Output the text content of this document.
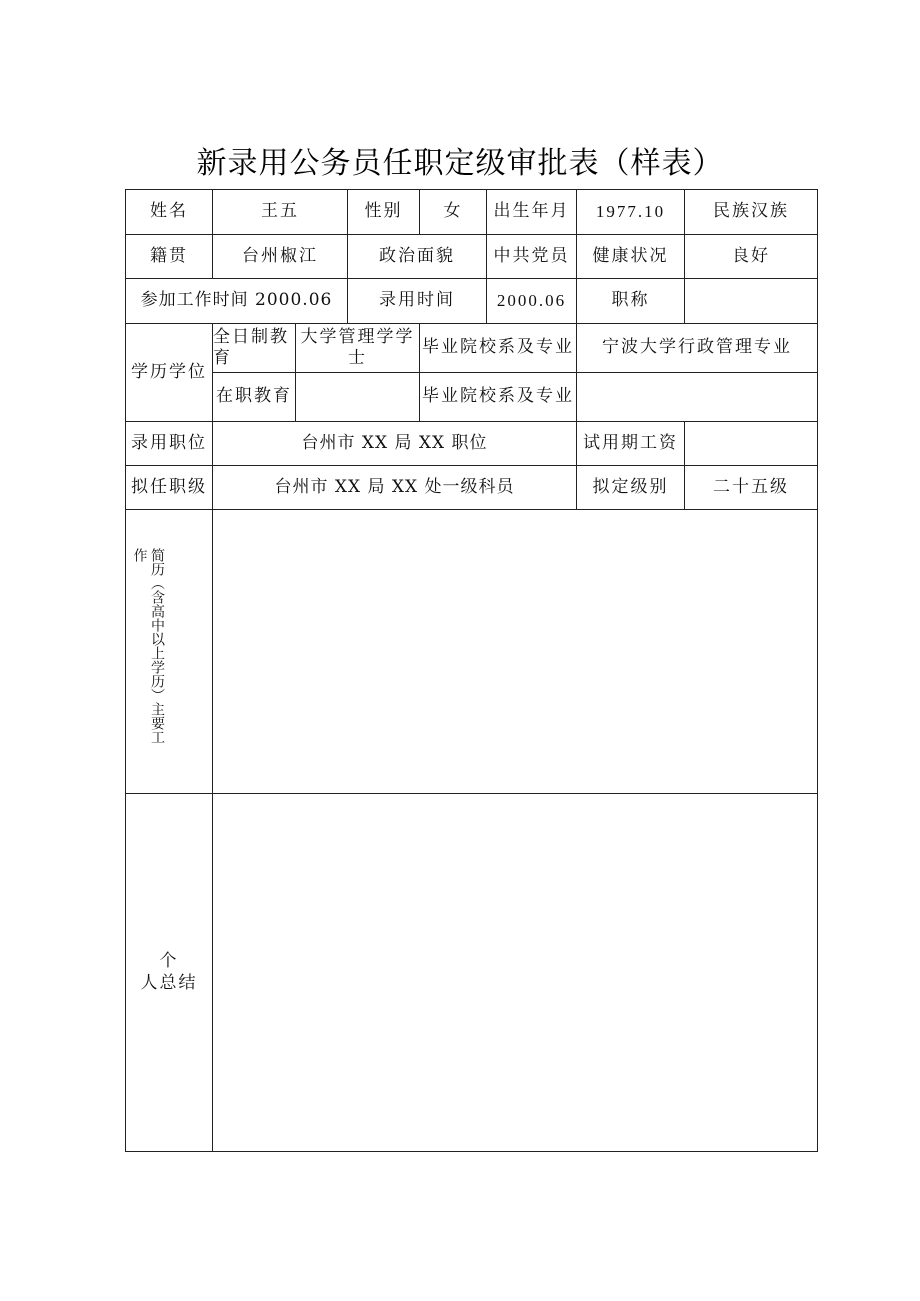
新录用公务员任职定级审批表（样表）
姓名	王五		性别	女	出生年月	1977.10	民族汉族
籍贯	台州椒江		政治面貌		中共党员	健康状况	良好
参加工作时间 2000.06			录用时间		2000.06	职称	
学历学位	全日制教育	大学管理学学士		毕业院校系及专业		宁波大学行政管理专业	
	在职教育			毕业院校系及专业			
录用职位	台州市 XX 局 XX 职位					试用期工资	
拟任职级	台州市 XX 局 XX 处一级科员					拟定级别	二十五级
简历（含高中以上学历）主要工作							

个
人总结							
